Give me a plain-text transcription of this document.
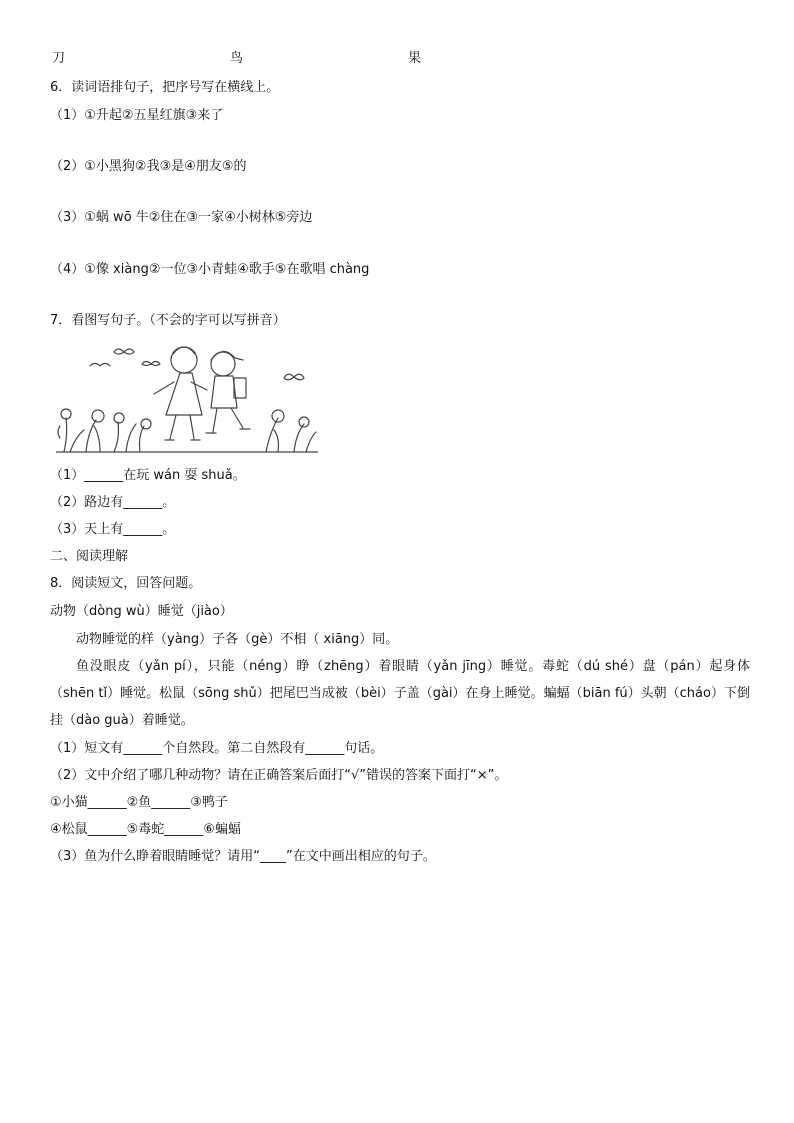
刀	鸟	果
6．读词语排句子，把序号写在横线上。
（1）①升起②五星红旗③来了
（2）①小黑狗②我③是④朋友⑤的
（3）①蜗 wō 牛②住在③一家④小树林⑤旁边
（4）①像 xiàng②一位③小青蛙④歌手⑤在歌唱 chàng
7．看图写句子。（不会的字可以写拼音）
（1）______在玩 wán 耍 shuǎ。
（2）路边有______。
（3）天上有______。
二、阅读理解
8．阅读短文，回答问题。
动物（dòng wù）睡觉（jiào）
动物睡觉的样（yàng）子各（gè）不相（ xiāng）同。
鱼没眼皮（yǎn pí），只能（néng）睁（zhēng）着眼睛（yǎn jīng）睡觉。毒蛇（dú shé）盘（pán）起身体（shēn tǐ）睡觉。松鼠（sōng shǔ）把尾巴当成被（bèi）子盖（gài）在身上睡觉。蝙蝠（biān fú）头朝（cháo）下倒挂（dào guà）着睡觉。
（1）短文有______个自然段。第二自然段有______句话。
（2）文中介绍了哪几种动物？请在正确答案后面打“√”错误的答案下面打“×”。
①小猫______②鱼______③鸭子
④松鼠______⑤毒蛇______⑥蝙蝠
（3）鱼为什么睁着眼睛睡觉？请用“____”在文中画出相应的句子。
